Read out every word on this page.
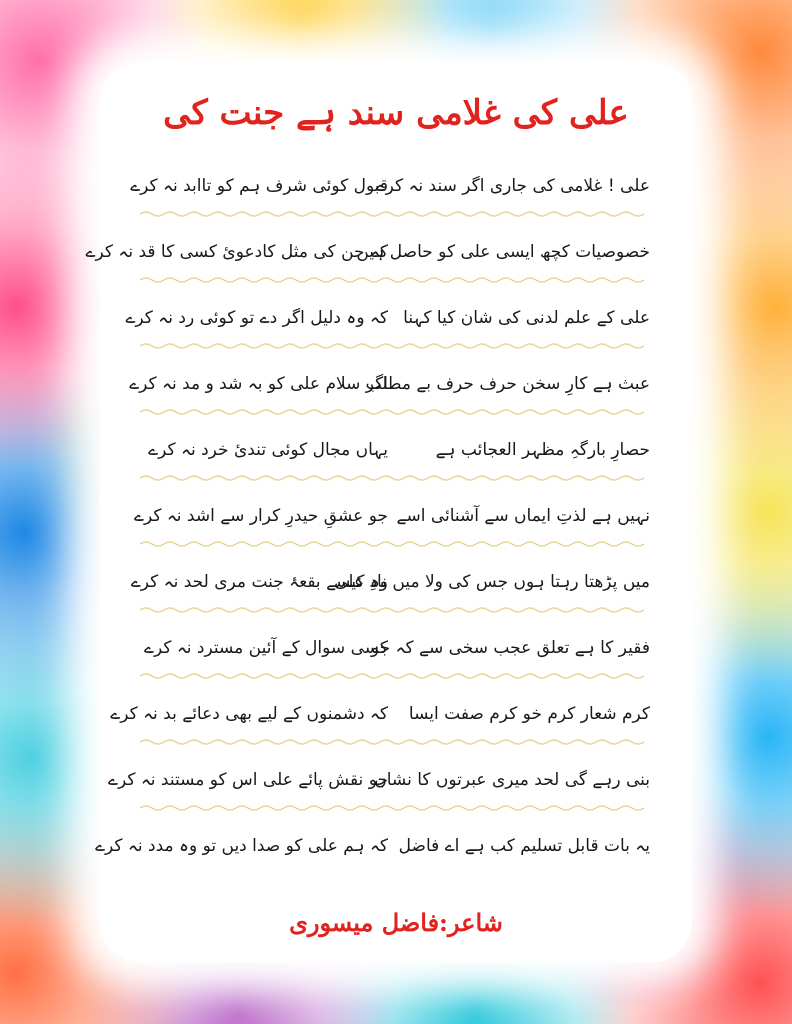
علی کی غلامی سند ہے جنت کی
علی ! غلامی کی جاری اگر سند نہ کرے
قبول کوئی شرف ہم کو تاابد نہ کرے
خصوصیات کچھ ایسی علی کو حاصل ہیں
کہ جن کی مثل کادعوئ کسی کا قد نہ کرے
علی کے علم لدنی کی شان کیا کہنا
کہ وہ دلیل اگر دے تو کوئی رد نہ کرے
عبث ہے کارِ سخن حرف حرف بے مطلب
اگر سلام علی کو بہ شد و مد نہ کرے
حصارِ بارگہِ مظہر العجائب ہے
یہاں مجال کوئی تندیٔ خرد نہ کرے
نہیں ہے لذتِ ایماں سے آشنائی اسے
جو عشقِ حیدرِ کرار سے اشد نہ کرے
میں پڑھتا رہتا ہوں جس کی ولا میں نادِ علی
وہ کیسے بقعۂ جنت مری لحد نہ کرے
فقیر کا ہے تعلق عجب سخی سے کہ جو
کسی سوال کے آئین مسترد نہ کرے
کرم شعار کرم خو کرم صفت ایسا
کہ دشمنوں کے لیے بھی دعائے بد نہ کرے
بنی رہے گی لحد میری عبرتوں کا نشاں
جو نقش پائے علی اس کو مستند نہ کرے
یہ بات قابل تسلیم کب ہے اے فاضل
کہ ہم علی کو صدا دیں تو وہ مدد نہ کرے
شاعر:فاضل میسوری
